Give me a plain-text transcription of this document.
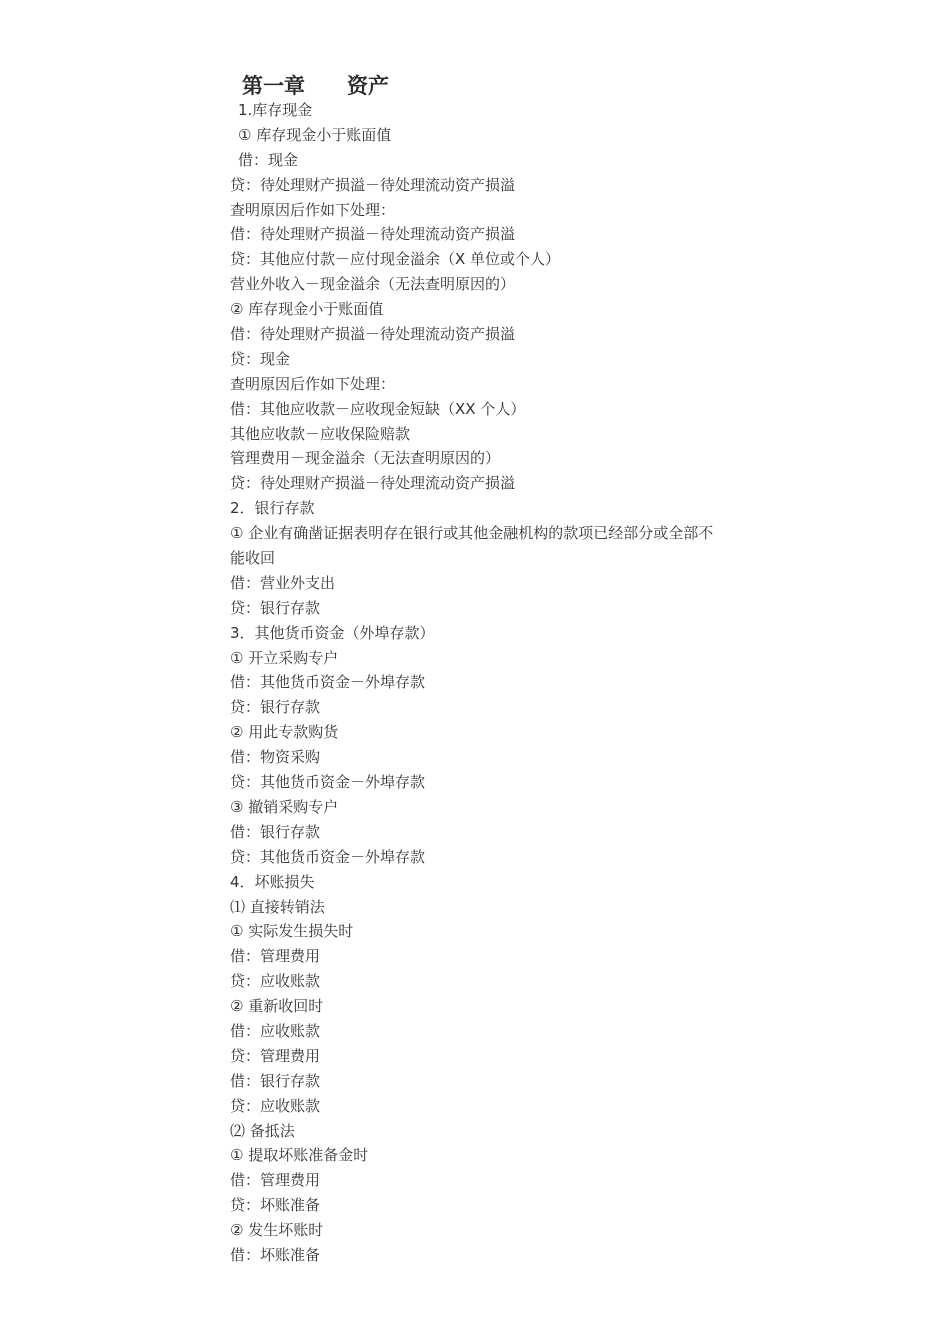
第一章　　资产
1.库存现金
① 库存现金小于账面值
借：现金
贷：待处理财产损溢－待处理流动资产损溢
查明原因后作如下处理：
借：待处理财产损溢－待处理流动资产损溢
贷：其他应付款－应付现金溢余（X 单位或个人）
营业外收入－现金溢余（无法查明原因的）
② 库存现金小于账面值
借：待处理财产损溢－待处理流动资产损溢
贷：现金
查明原因后作如下处理：
借：其他应收款－应收现金短缺（XX 个人）
其他应收款－应收保险赔款
管理费用－现金溢余（无法查明原因的）
贷：待处理财产损溢－待处理流动资产损溢
2．银行存款
① 企业有确凿证据表明存在银行或其他金融机构的款项已经部分或全部不
能收回
借：营业外支出
贷：银行存款
3．其他货币资金（外埠存款）
① 开立采购专户
借：其他货币资金－外埠存款
贷：银行存款
② 用此专款购货
借：物资采购
贷：其他货币资金－外埠存款
③ 撤销采购专户
借：银行存款
贷：其他货币资金－外埠存款
4．坏账损失
⑴ 直接转销法
① 实际发生损失时
借：管理费用
贷：应收账款
② 重新收回时
借：应收账款
贷：管理费用
借：银行存款
贷：应收账款
⑵ 备抵法
① 提取坏账准备金时
借：管理费用
贷：坏账准备
② 发生坏账时
借：坏账准备
